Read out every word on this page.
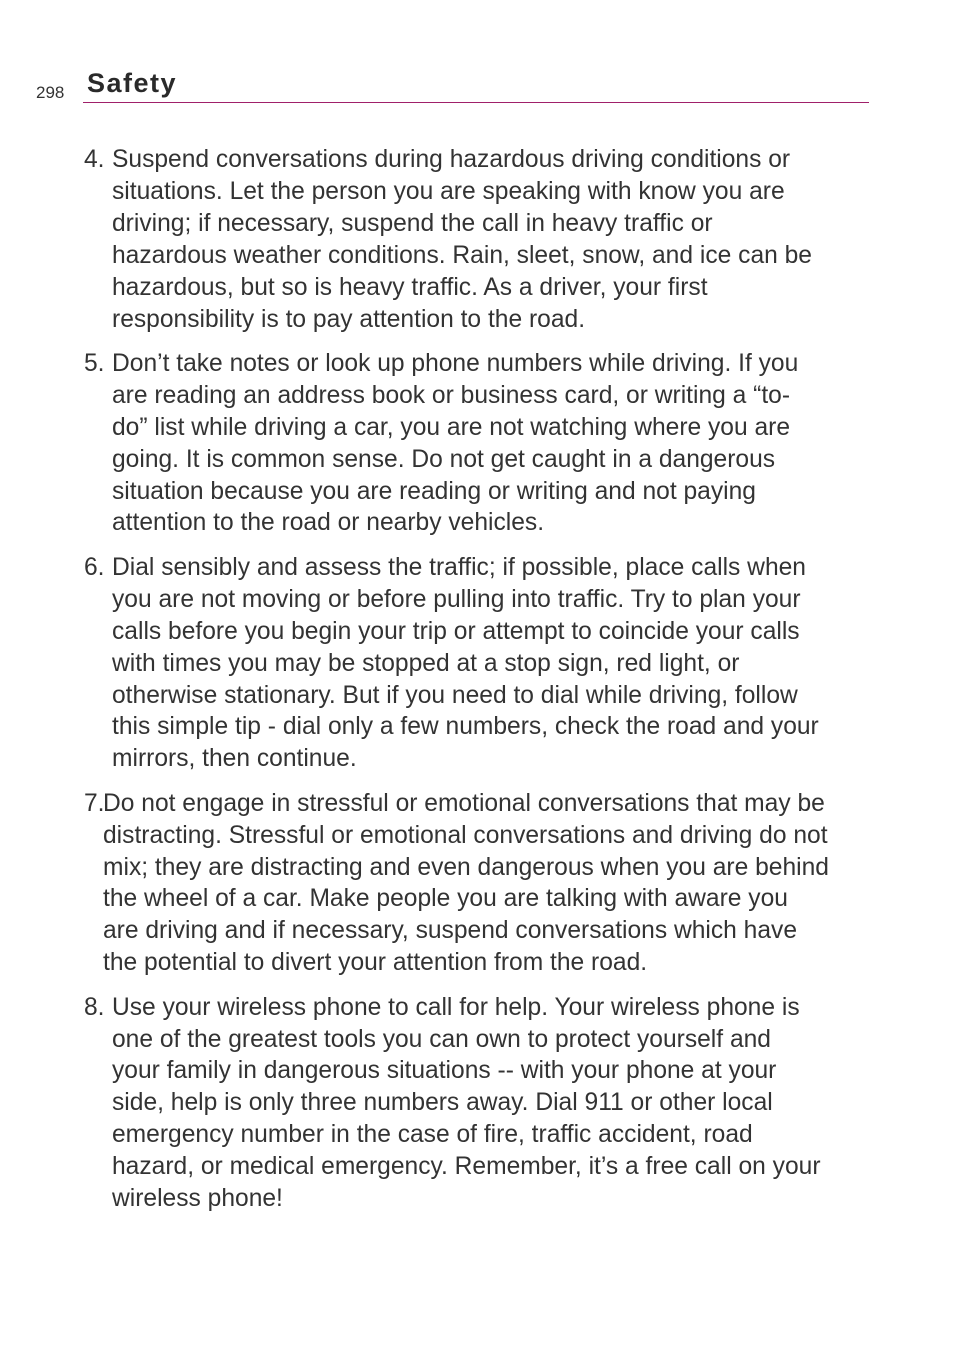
298 Safety
4. Suspend conversations during hazardous driving conditions or
situations. Let the person you are speaking with know you are
driving; if necessary, suspend the call in heavy traffic or
hazardous weather conditions. Rain, sleet, snow, and ice can be
hazardous, but so is heavy traffic. As a driver, your first
responsibility is to pay attention to the road.
5. Don’t take notes or look up phone numbers while driving. If you
are reading an address book or business card, or writing a “to-
do” list while driving a car, you are not watching where you are
going. It is common sense. Do not get caught in a dangerous
situation because you are reading or writing and not paying
attention to the road or nearby vehicles.
6. Dial sensibly and assess the traffic; if possible, place calls when
you are not moving or before pulling into traffic. Try to plan your
calls before you begin your trip or attempt to coincide your calls
with times you may be stopped at a stop sign, red light, or
otherwise stationary. But if you need to dial while driving, follow
this simple tip - dial only a few numbers, check the road and your
mirrors, then continue.
7.
Do not engage in stressful or emotional conversations that may be
distracting. Stressful or emotional conversations and driving do not
mix; they are distracting and even dangerous when you are behind
the wheel of a car. Make people you are talking with aware you
are driving and if necessary, suspend conversations which have
the potential to divert your attention from the road.
8. Use your wireless phone to call for help. Your wireless phone is
one of the greatest tools you can own to protect yourself and
your family in dangerous situations -- with your phone at your
side, help is only three numbers away. Dial 911 or other local
emergency number in the case of fire, traffic accident, road
hazard, or medical emergency. Remember, it’s a free call on your
wireless phone!
